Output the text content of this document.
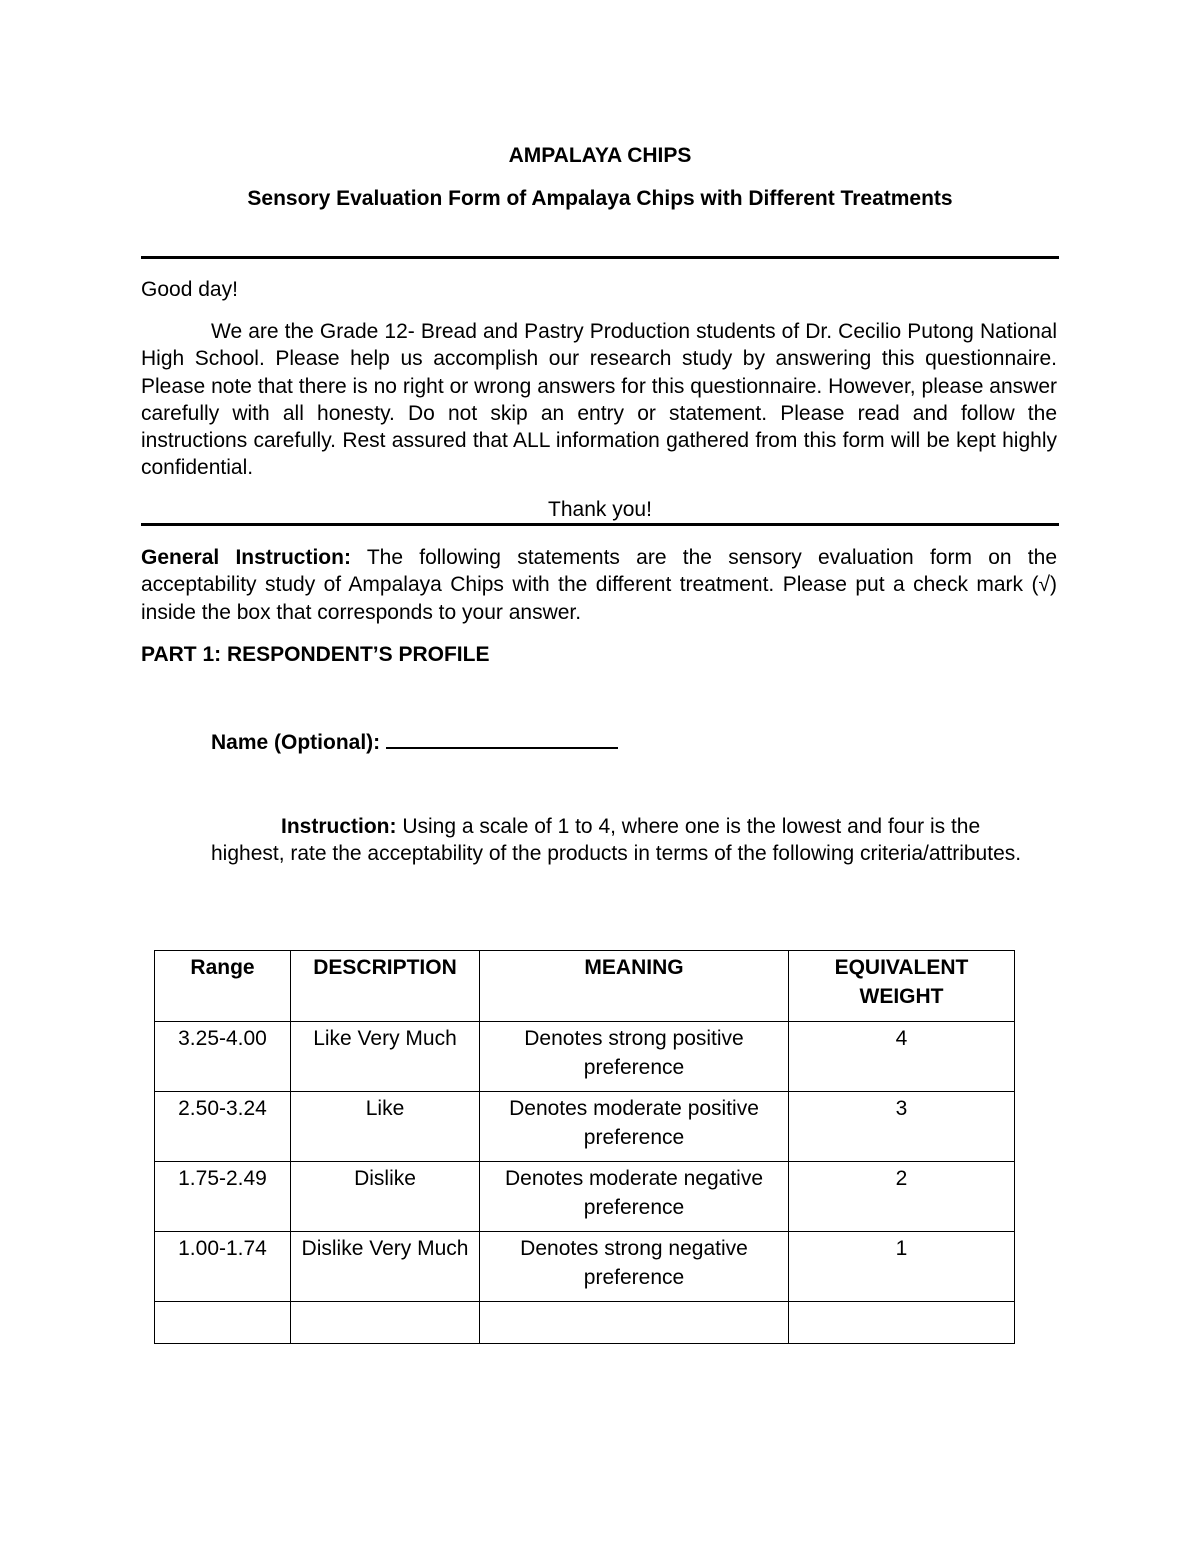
AMPALAYA CHIPS
Sensory Evaluation Form of Ampalaya Chips with Different Treatments
Good day!

We are the Grade 12- Bread and Pastry Production students of Dr. Cecilio Putong National High School. Please help us accomplish our research study by answering this questionnaire. Please note that there is no right or wrong answers for this questionnaire. However, please answer carefully with all honesty. Do not skip an entry or statement. Please read and follow the instructions carefully. Rest assured that ALL information gathered from this form will be kept highly confidential.

Thank you!

General Instruction: The following statements are the sensory evaluation form on the acceptability study of Ampalaya Chips with the different treatment. Please put a check mark (√) inside the box that corresponds to your answer.

PART 1: RESPONDENT’S PROFILE
Name (Optional):

Instruction: Using a scale of 1 to 4, where one is the lowest and four is the highest, rate the acceptability of the products in terms of the following criteria/attributes.

Range	DESCRIPTION	MEANING	EQUIVALENT WEIGHT
3.25-4.00	Like Very Much	Denotes strong positive preference	4
2.50-3.24	Like	Denotes moderate positive preference	3
1.75-2.49	Dislike	Denotes moderate negative preference	2
1.00-1.74	Dislike Very Much	Denotes strong negative preference	1
